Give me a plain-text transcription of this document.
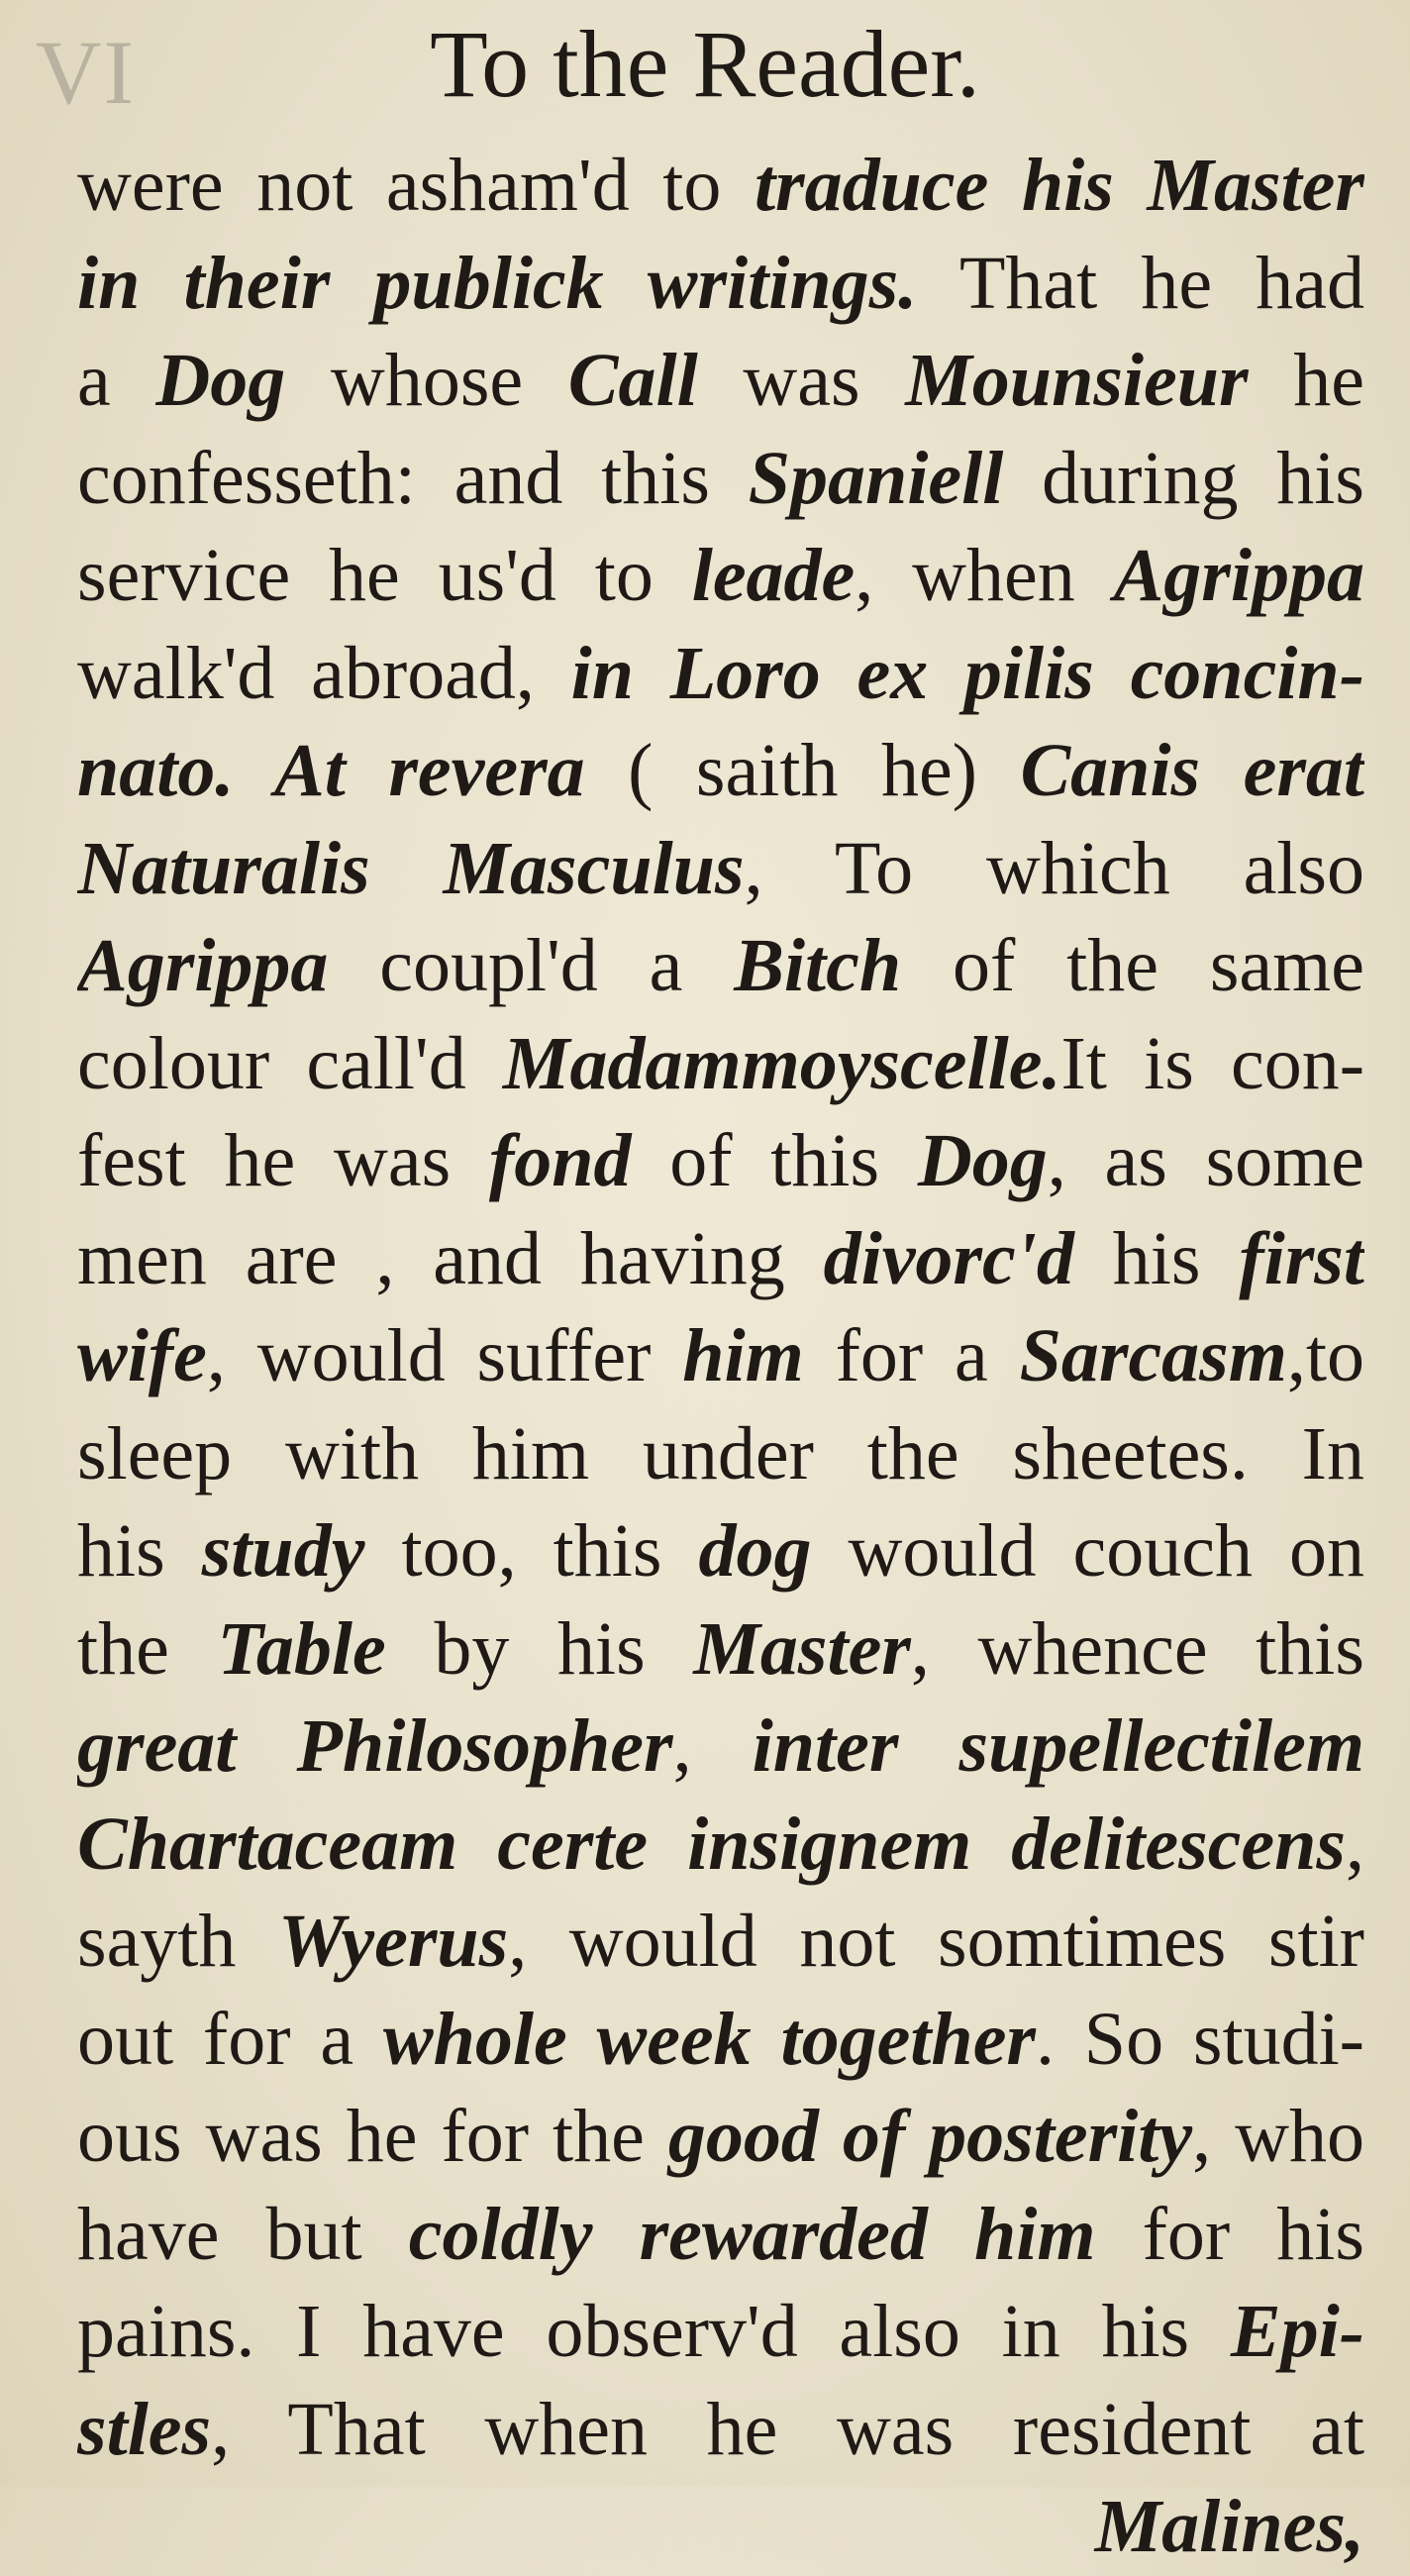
VI	To the Reader.
were not asham'd to traduce his Master
in their publick writings. That he had
a Dog whose Call was Mounsieur he
confesseth: and this Spaniell during his
service he us'd to leade, when Agrippa
walk'd abroad, in Loro ex pilis concin-
nato. At revera ( saith he) Canis erat
Naturalis Masculus, To which also
Agrippa coupl'd a Bitch of the same
colour call'd Madammoyscelle.It is con-
fest he was fond of this Dog, as some
men are , and having divorc'd his first
wife, would suffer him for a Sarcasm,to
sleep with him under the sheetes. In
his study too, this dog would couch on
the Table by his Master, whence this
great Philosopher, inter supellectilem
Chartaceam certe insignem delitescens,
sayth Wyerus, would not somtimes stir
out for a whole week together. So studi-
ous was he for the good of posterity, who
have but coldly rewarded him for his
pains. I have observ'd also in his Epi-
stles, That when he was resident at
Malines,
